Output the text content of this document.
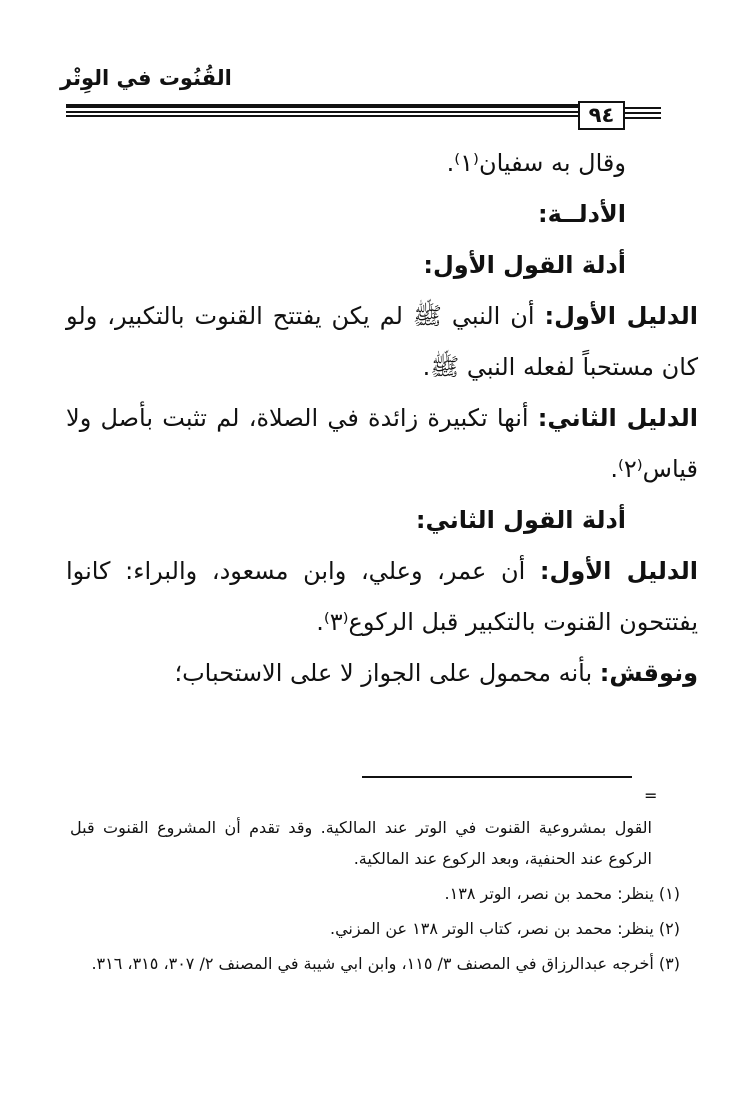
القُنُوت في الوِتْر
٩٤

وقال به سفيان⁽١⁾.

الأدلــة:

أدلة القول الأول:

الدليل الأول: أن النبي ﷺ لم يكن يفتتح القنوت بالتكبير، ولو كان مستحباً لفعله النبي ﷺ.

الدليل الثاني: أنها تكبيرة زائدة في الصلاة، لم تثبت بأصل ولا قياس⁽٢⁾.

أدلة القول الثاني:

الدليل الأول: أن عمر، وعلي، وابن مسعود، والبراء: كانوا يفتتحون القنوت بالتكبير قبل الركوع⁽٣⁾.

ونوقش: بأنه محمول على الجواز لا على الاستحباب؛

=

القول بمشروعية القنوت في الوتر عند المالكية. وقد تقدم أن المشروع القنوت قبل الركوع عند الحنفية، وبعد الركوع عند المالكية.

(١) ينظر: محمد بن نصر، الوتر ١٣٨.

(٢) ينظر: محمد بن نصر، كتاب الوتر ١٣٨ عن المزني.

(٣) أخرجه عبدالرزاق في المصنف ٣/ ١١٥، وابن ابي شيبة في المصنف ٢/ ٣٠٧، ٣١٥، ٣١٦.
